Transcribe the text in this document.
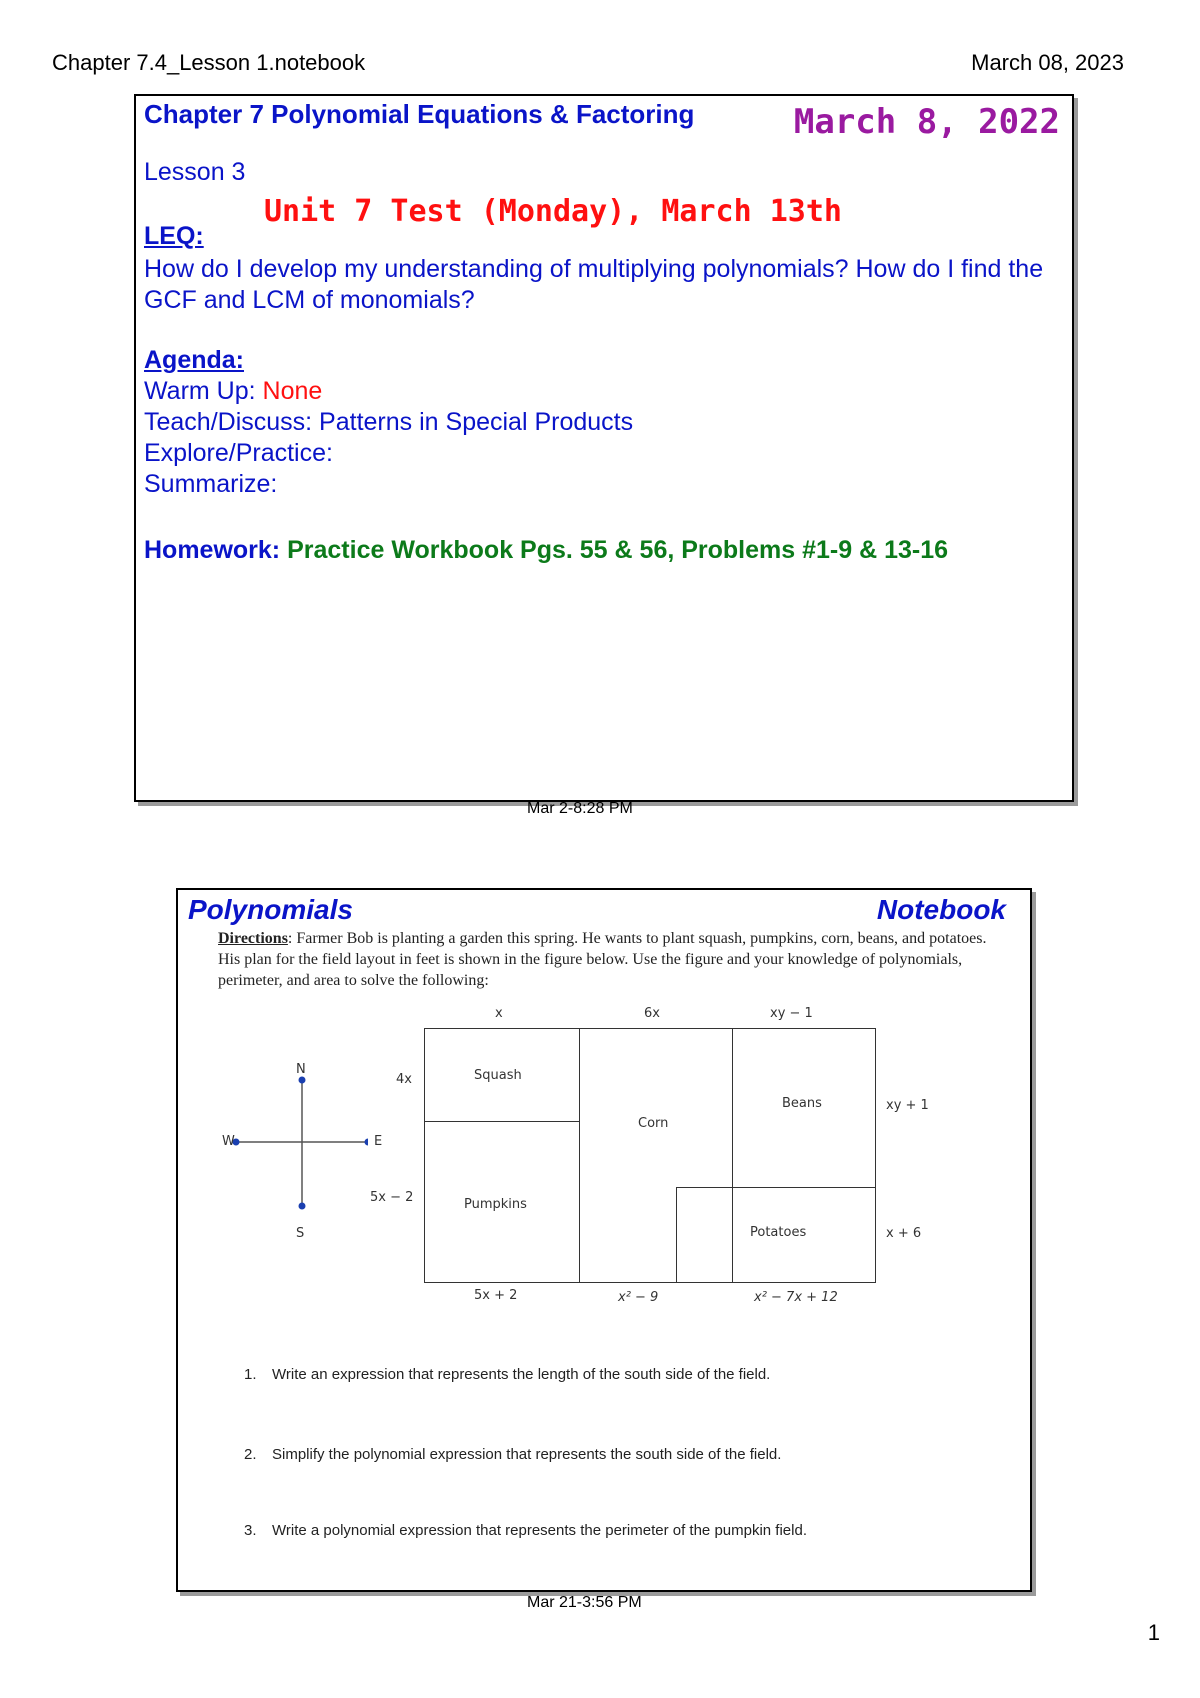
Chapter 7.4_Lesson 1.notebook	March 08, 2023
Chapter 7 Polynomial Equations & Factoring	March 8, 2022
Lesson 3
Unit 7 Test (Monday), March 13th
LEQ:
How do I develop my understanding of multiplying polynomials? How do I find the GCF and LCM of monomials?
Agenda:
Warm Up: None
Teach/Discuss: Patterns in Special Products
Explore/Practice:
Summarize:
Homework: Practice Workbook Pgs. 55 & 56, Problems #1-9 & 13-16
Mar 2-8:28 PM
Polynomials	Notebook
Directions: Farmer Bob is planting a garden this spring. He wants to plant squash, pumpkins, corn, beans, and potatoes. His plan for the field layout in feet is shown in the figure below. Use the figure and your knowledge of polynomials, perimeter, and area to solve the following:
N
S
W	E
Squash
Pumpkins
Corn
Beans
Potatoes
x	6x	xy − 1
4x
5x − 2
xy + 1
x + 6
5x + 2	x² − 9	x² − 7x + 12
1. Write an expression that represents the length of the south side of the field.
2. Simplify the polynomial expression that represents the south side of the field.
3. Write a polynomial expression that represents the perimeter of the pumpkin field.
Mar 21-3:56 PM
1
